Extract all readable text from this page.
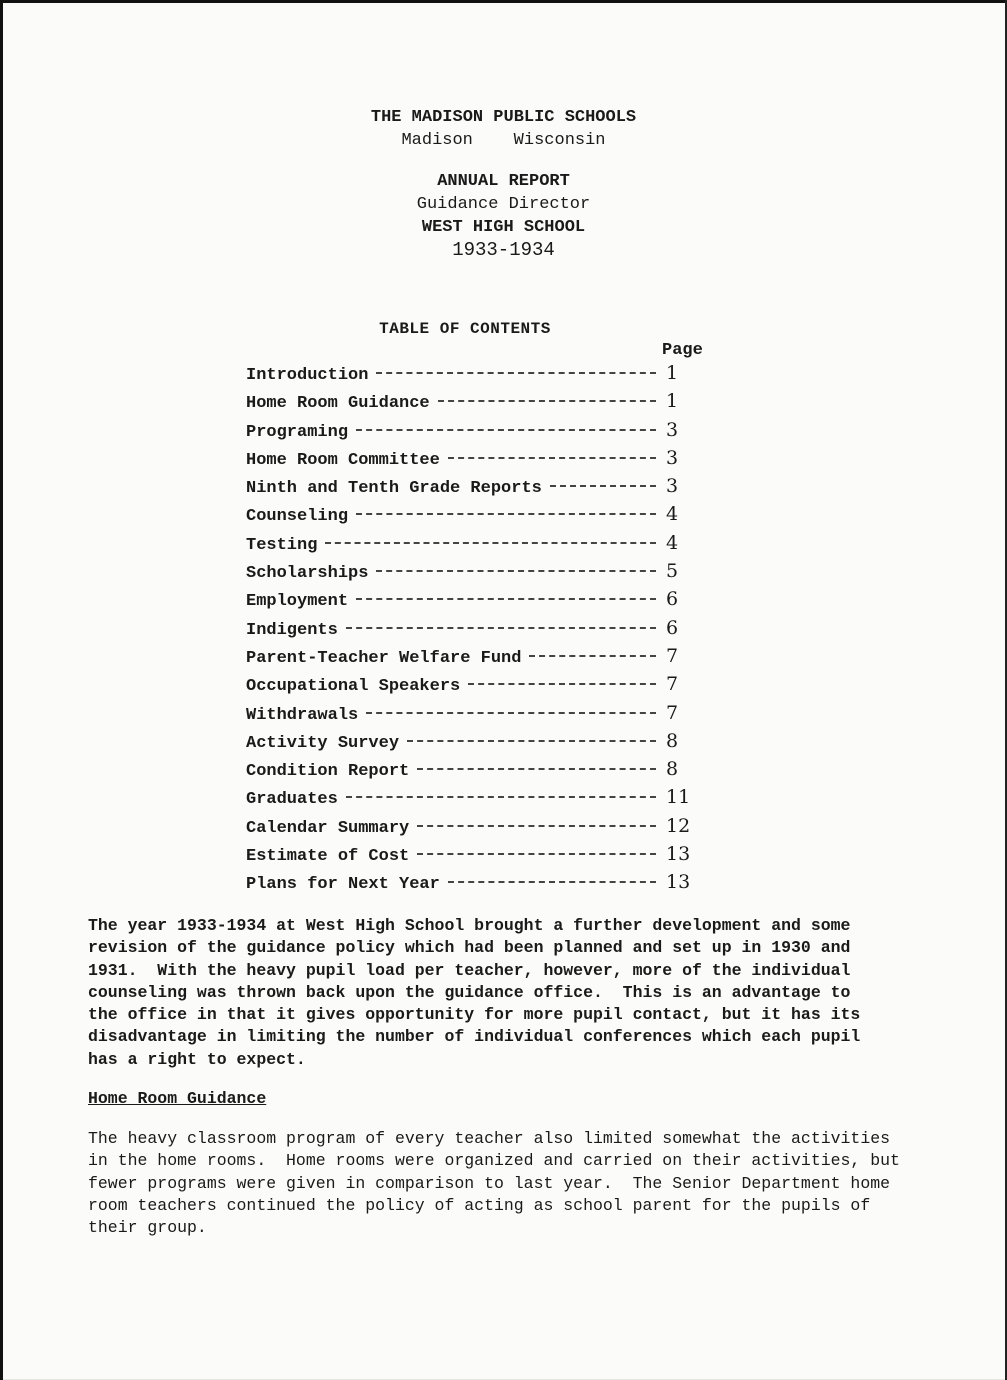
THE MADISON PUBLIC SCHOOLS
Madison    Wisconsin
ANNUAL REPORT
Guidance Director
WEST HIGH SCHOOL
1933-1934
TABLE OF CONTENTS
Page
Introduction	1
Home Room Guidance	1
Programing	3
Home Room Committee	3
Ninth and Tenth Grade Reports	3
Counseling	4
Testing	4
Scholarships	5
Employment	6
Indigents	6
Parent-Teacher Welfare Fund	7
Occupational Speakers	7
Withdrawals	7
Activity Survey	8
Condition Report	8
Graduates	11
Calendar Summary	12
Estimate of Cost	13
Plans for Next Year	13
The year 1933-1934 at West High School brought a further development and some
revision of the guidance policy which had been planned and set up in 1930 and
1931.  With the heavy pupil load per teacher, however, more of the individual
counseling was thrown back upon the guidance office.  This is an advantage to
the office in that it gives opportunity for more pupil contact, but it has its
disadvantage in limiting the number of individual conferences which each pupil
has a right to expect.
Home Room Guidance
The heavy classroom program of every teacher also limited somewhat the activities
in the home rooms.  Home rooms were organized and carried on their activities, but
fewer programs were given in comparison to last year.  The Senior Department home
room teachers continued the policy of acting as school parent for the pupils of
their group.
